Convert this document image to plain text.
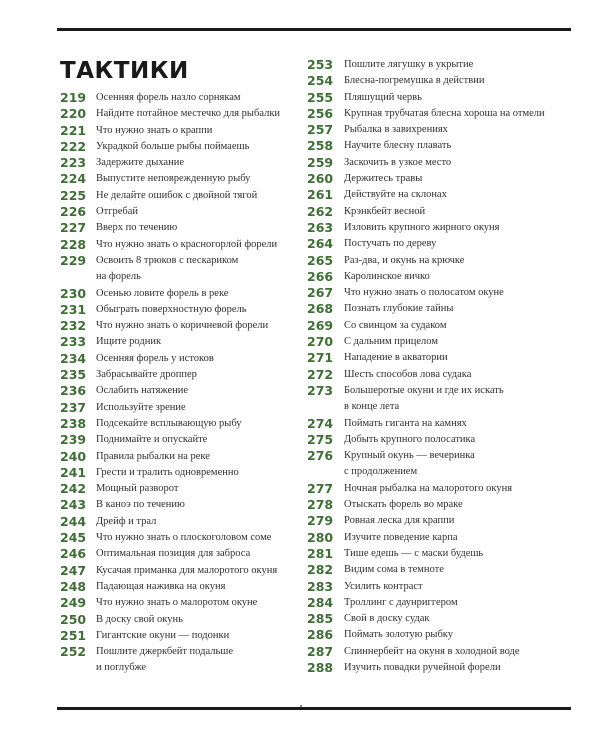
ТАКТИКИ
219 Осенняя форель назло сорнякам
220 Найдите потайное местечко для рыбалки
221 Что нужно знать о краппи
222 Украдкой больше рыбы поймаешь
223 Задержите дыхание
224 Выпустите неповрежденную рыбу
225 Не делайте ошибок с двойной тягой
226 Отгребай
227 Вверх по течению
228 Что нужно знать о красногорлой форели
229 Освоить 8 трюков с пескариком
на форель
230 Осенью ловите форель в реке
231 Обыграть поверхностную форель
232 Что нужно знать о коричневой форели
233 Ищите родник
234 Осенняя форель у истоков
235 Забрасывайте дроппер
236 Ослабить натяжение
237 Используйте зрение
238 Подсекайте всплывающую рыбу
239 Поднимайте и опускайте
240 Правила рыбалки на реке
241 Грести и тралить одновременно
242 Мощный разворот
243 В каноэ по течению
244 Дрейф и трал
245 Что нужно знать о плоскоголовом соме
246 Оптимальная позиция для заброса
247 Кусачая приманка для малоротого окуня
248 Падающая наживка на окуня
249 Что нужно знать о малоротом окуне
250 В доску свой окунь
251 Гигантские окуни — подонки
252 Пошлите джеркбейт подальше
и поглубже
253	Пошлите лягушку в укрытие
254	Блесна-погремушка в действии
255	Пляшущий червь
256	Крупная трубчатая блесна хороша на отмели
257	Рыбалка в завихрениях
258	Научите блесну плавать
259	Заскочить в узкое место
260	Держитесь травы
261	Действуйте на склонах
262	Крэнкбейт весной
263	Изловить крупного жирного окуня
264	Постучать по дереву
265	Раз-два, и окунь на крючке
266	Каролинское яичко
267	Что нужно знать о полосатом окуне
268	Познать глубокие тайны
269	Со свинцом за судаком
270	С дальним прицелом
271	Нападение в акватории
272	Шесть способов лова судака
273	Большеротые окуни и где их искать
в конце лета
274	Поймать гиганта на камнях
275	Добыть крупного полосатика
276	Крупный окунь — вечеринка
с продолжением
277	Ночная рыбалка на малоротого окуня
278	Отыскать форель во мраке
279	Ровная леска для краппи
280	Изучите поведение карпа
281	Тише едешь — с маски будешь
282	Видим сома в темноте
283	Усилить контраст
284	Троллинг с даунриггером
285	Свой в доску судак
286	Поймать золотую рыбку
287	Спиннербейт на окуня в холодной воде
288	Изучить повадки ручейной форели
